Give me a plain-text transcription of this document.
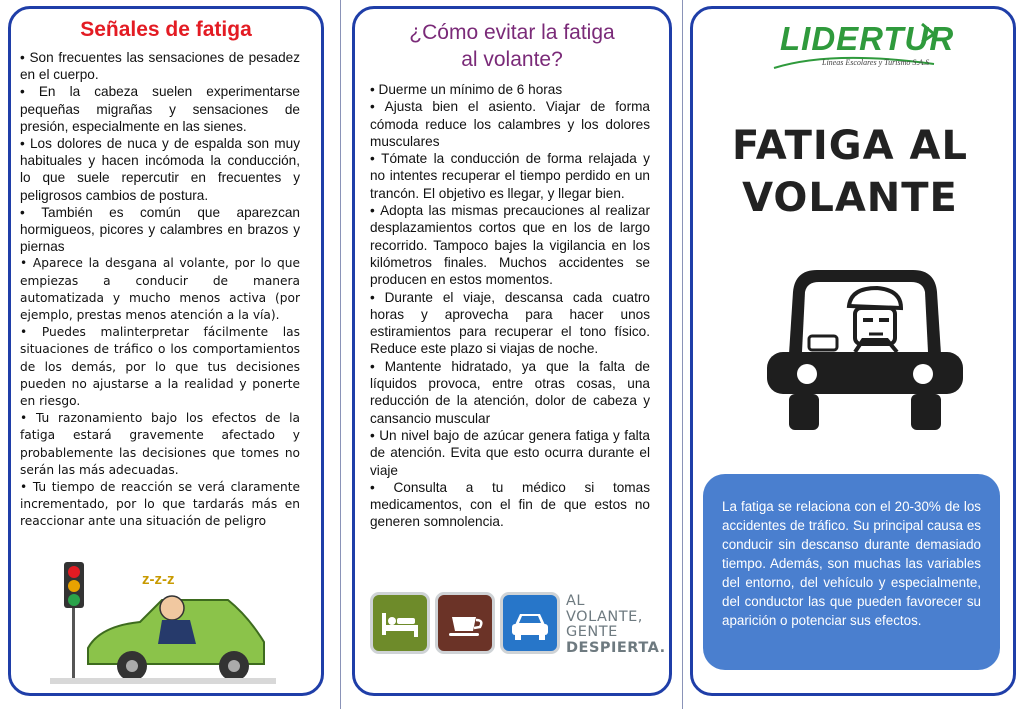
Señales de fatiga
• Son frecuentes las sensaciones de pesadez en el cuerpo.
• En la cabeza suelen experimentarse pequeñas migrañas y sensaciones de presión, especialmente en las sienes.
• Los dolores de nuca y de espalda son muy habituales y hacen incómoda la conducción, lo que suele repercutir en frecuentes y peligrosos cambios de postura.
• También es común que aparezcan hormigueos, picores y calambres en brazos y piernas
• Aparece la desgana al volante, por lo que empiezas a conducir de manera automatizada y mucho menos activa (por ejemplo, prestas menos atención a la vía).
• Puedes malinterpretar fácilmente las situaciones de tráfico o los comportamientos de los demás, por lo que tus decisiones pueden no ajustarse a la realidad y ponerte en riesgo.
• Tu razonamiento bajo los efectos de la fatiga estará gravemente afectado y probablemente las decisiones que tomes no serán las más adecuadas.
• Tu tiempo de reacción se verá claramente incrementado, por lo que tardarás más en reaccionar ante una situación de peligro
z-z-z
¿Cómo evitar la fatiga
al volante?
• Duerme un mínimo de 6 horas
• Ajusta bien el asiento. Viajar de forma cómoda reduce los calambres y los dolores musculares
• Tómate la conducción de forma relajada y no intentes recuperar el tiempo perdido en un trancón. El objetivo es llegar, y llegar bien.
• Adopta las mismas precauciones al realizar desplazamientos cortos que en los de largo recorrido. Tampoco bajes la vigilancia en los kilómetros finales. Muchos accidentes se producen en estos momentos.
• Durante el viaje, descansa cada cuatro horas y aprovecha para hacer unos estiramientos para recuperar el tono físico. Reduce este plazo si viajas de noche.
• Mantente hidratado, ya que la falta de líquidos provoca, entre otras cosas, una reducción de la atención, dolor de cabeza y cansancio muscular
• Un nivel bajo de azúcar genera fatiga y falta de atención. Evita que esto ocurra durante el viaje
• Consulta a tu médico si tomas medicamentos, con el fin de que estos no generen somnolencia.
AL
VOLANTE,
GENTE
DESPIERTA.
LIDERTUR
Lineas Escolares y Turismo S.A.S
FATIGA AL
VOLANTE
La fatiga se relaciona con el 20-30% de los accidentes de tráfico. Su principal causa es conducir sin descanso durante demasiado tiempo. Además, son muchas las variables del entorno, del vehículo y especialmente, del conductor las que pueden favorecer su aparición o potenciar sus efectos.
